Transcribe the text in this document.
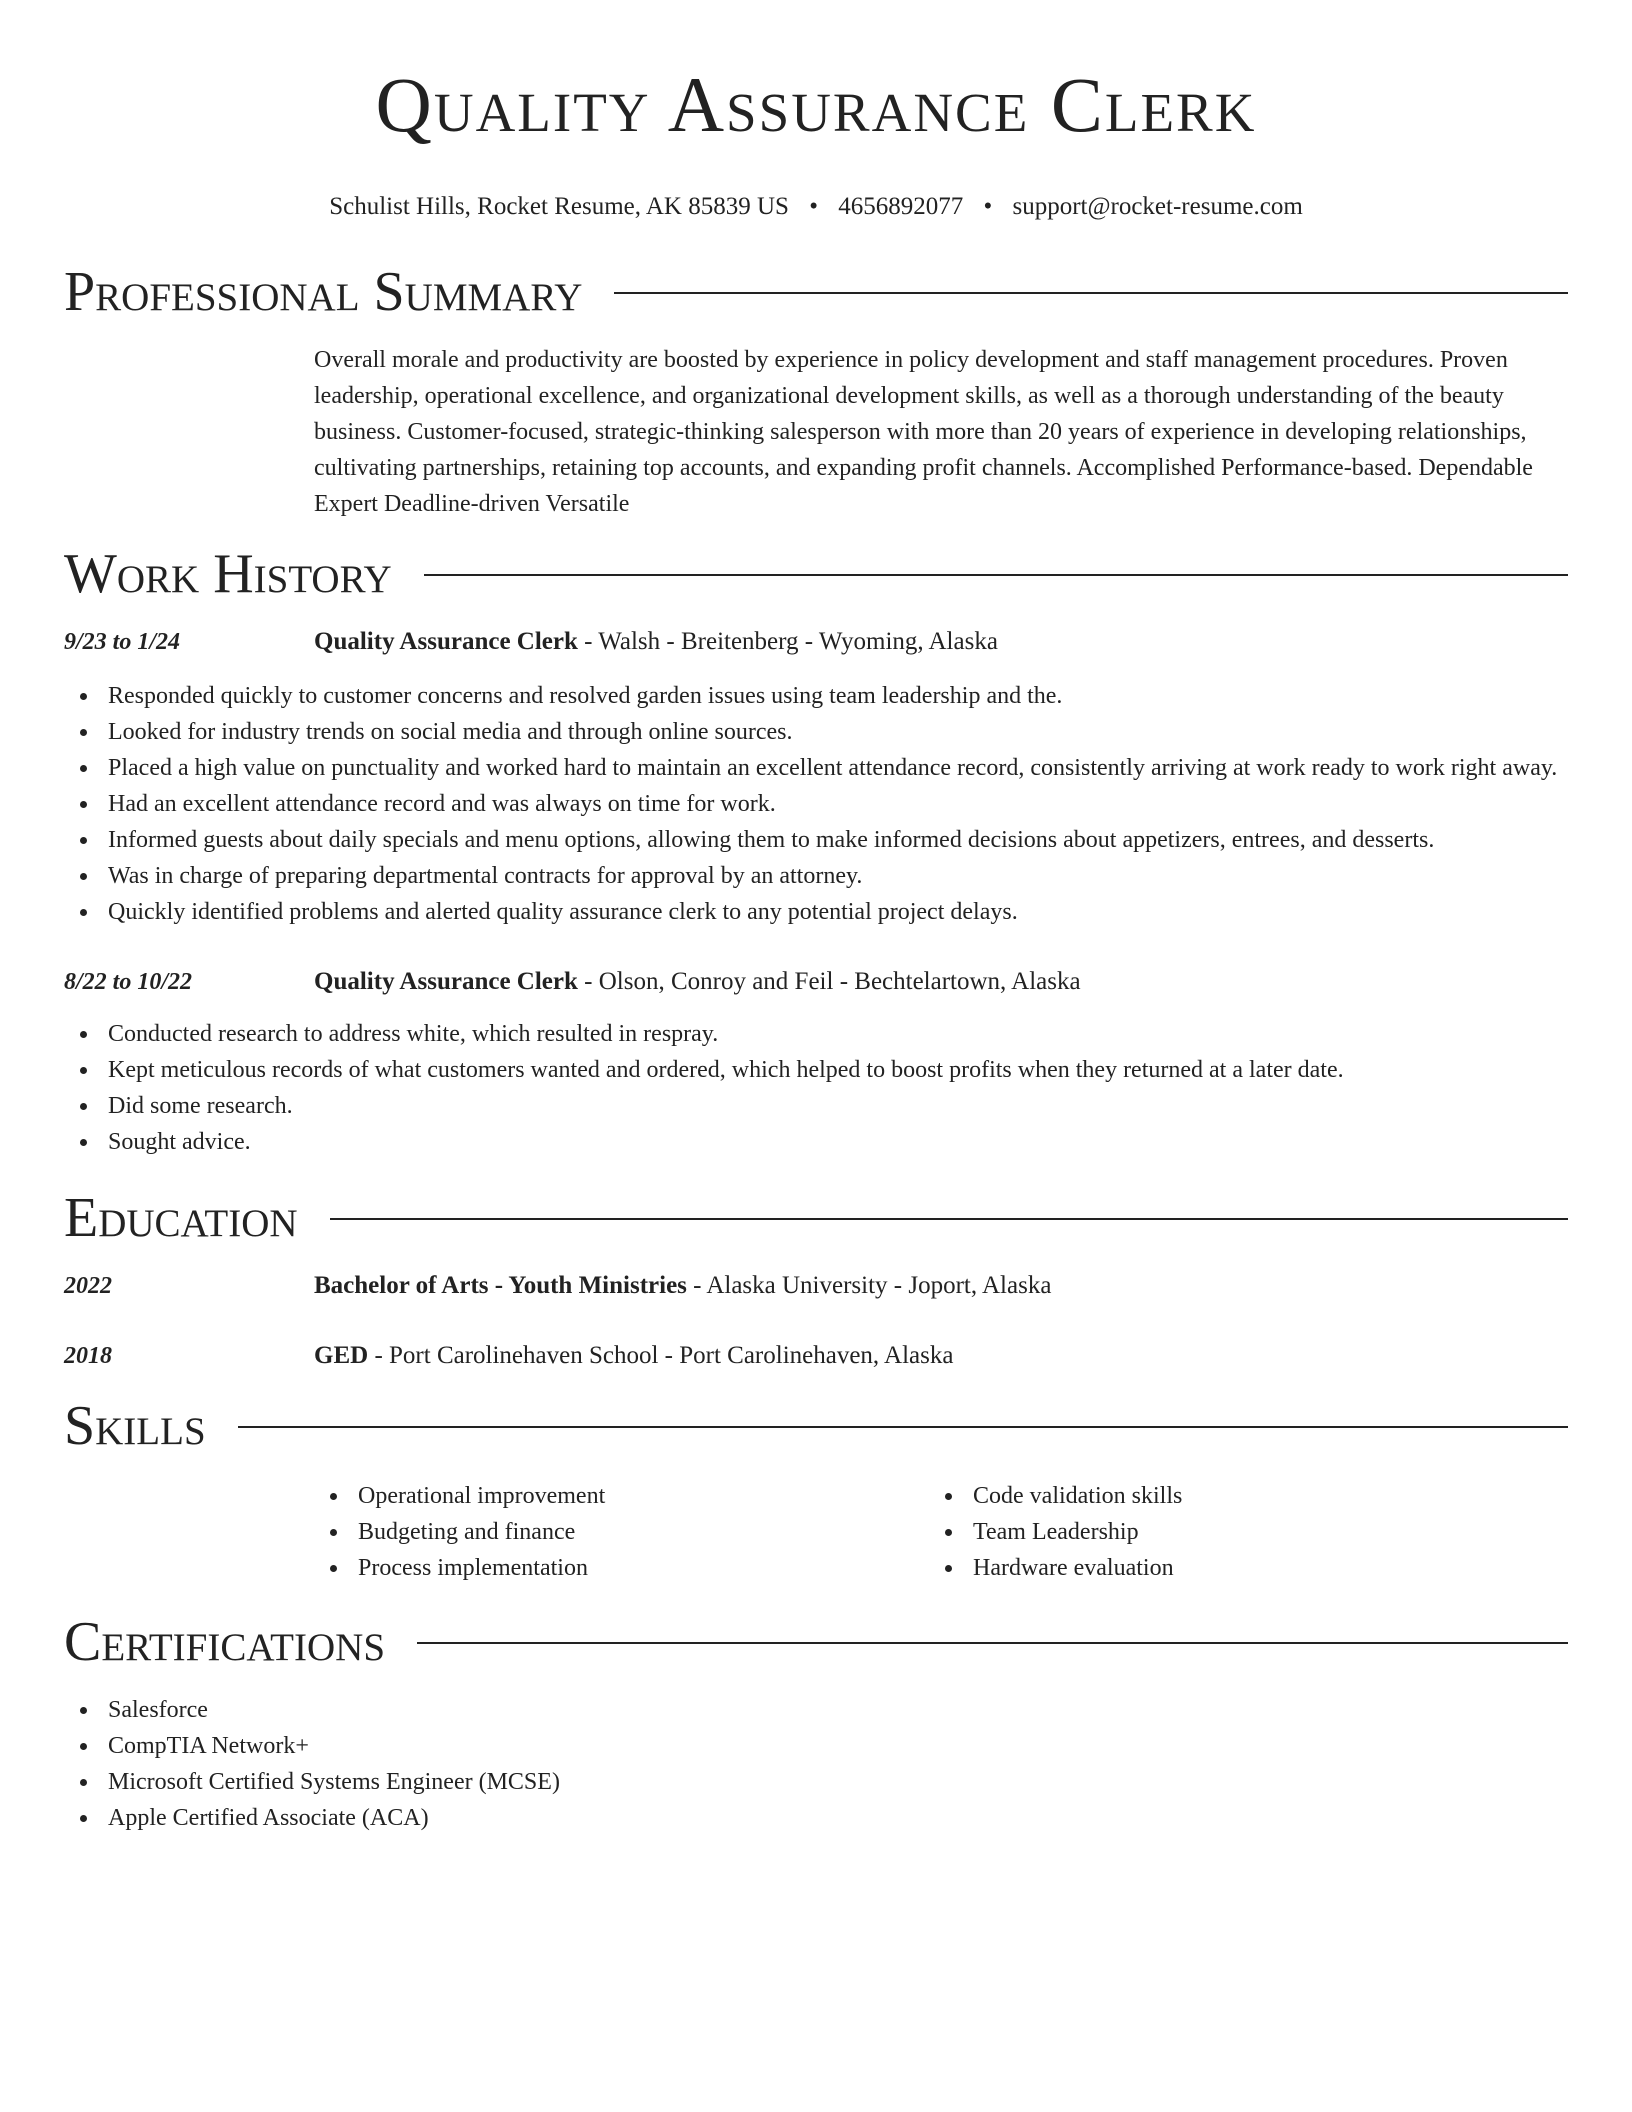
Quality Assurance Clerk
Schulist Hills, Rocket Resume, AK 85839 US • 4656892077 • support@rocket-resume.com
Professional Summary
Overall morale and productivity are boosted by experience in policy development and staff management procedures. Proven leadership, operational excellence, and organizational development skills, as well as a thorough understanding of the beauty business. Customer-focused, strategic-thinking salesperson with more than 20 years of experience in developing relationships, cultivating partnerships, retaining top accounts, and expanding profit channels. Accomplished Performance-based. Dependable Expert Deadline-driven Versatile
Work History
9/23 to 1/24	Quality Assurance Clerk - Walsh - Breitenberg - Wyoming, Alaska
Responded quickly to customer concerns and resolved garden issues using team leadership and the.
Looked for industry trends on social media and through online sources.
Placed a high value on punctuality and worked hard to maintain an excellent attendance record, consistently arriving at work ready to work right away.
Had an excellent attendance record and was always on time for work.
Informed guests about daily specials and menu options, allowing them to make informed decisions about appetizers, entrees, and desserts.
Was in charge of preparing departmental contracts for approval by an attorney.
Quickly identified problems and alerted quality assurance clerk to any potential project delays.
8/22 to 10/22	Quality Assurance Clerk - Olson, Conroy and Feil - Bechtelartown, Alaska
Conducted research to address white, which resulted in respray.
Kept meticulous records of what customers wanted and ordered, which helped to boost profits when they returned at a later date.
Did some research.
Sought advice.
Education
2022	Bachelor of Arts - Youth Ministries - Alaska University - Joport, Alaska
2018	GED - Port Carolinehaven School - Port Carolinehaven, Alaska
Skills
Operational improvement
Budgeting and finance
Process implementation
Code validation skills
Team Leadership
Hardware evaluation
Certifications
Salesforce
CompTIA Network+
Microsoft Certified Systems Engineer (MCSE)
Apple Certified Associate (ACA)
